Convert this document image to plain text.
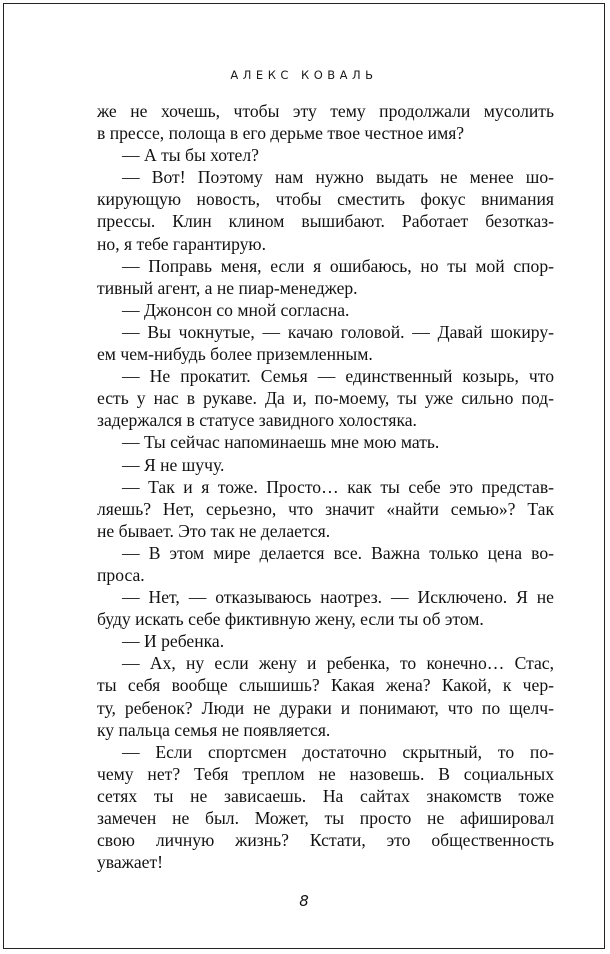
АЛЕКС КОВАЛЬ
же не хочешь, чтобы эту тему продолжали мусолить
в прессе, полоща в его дерьме твое честное имя?
— А ты бы хотел?
— Вот! Поэтому нам нужно выдать не менее шо-
кирующую новость, чтобы сместить фокус внимания
прессы. Клин клином вышибают. Работает безотказ-
но, я тебе гарантирую.
— Поправь меня, если я ошибаюсь, но ты мой спор-
тивный агент, а не пиар-менеджер.
— Джонсон со мной согласна.
— Вы чокнутые, — качаю головой. — Давай шокиру-
ем чем-нибудь более приземленным.
— Не прокатит. Семья — единственный козырь, что
есть у нас в рукаве. Да и, по-моему, ты уже сильно под-
задержался в статусе завидного холостяка.
— Ты сейчас напоминаешь мне мою мать.
— Я не шучу.
— Так и я тоже. Просто… как ты себе это представ-
ляешь? Нет, серьезно, что значит «найти семью»? Так
не бывает. Это так не делается.
— В этом мире делается все. Важна только цена во-
проса.
— Нет, — отказываюсь наотрез. — Исключено. Я не
буду искать себе фиктивную жену, если ты об этом.
— И ребенка.
— Ах, ну если жену и ребенка, то конечно… Стас,
ты себя вообще слышишь? Какая жена? Какой, к чер-
ту, ребенок? Люди не дураки и понимают, что по щелч-
ку пальца семья не появляется.
— Если спортсмен достаточно скрытный, то по-
чему нет? Тебя треплом не назовешь. В социальных
сетях ты не зависаешь. На сайтах знакомств тоже
замечен не был. Может, ты просто не афишировал
свою личную жизнь? Кстати, это общественность
уважает!
8
